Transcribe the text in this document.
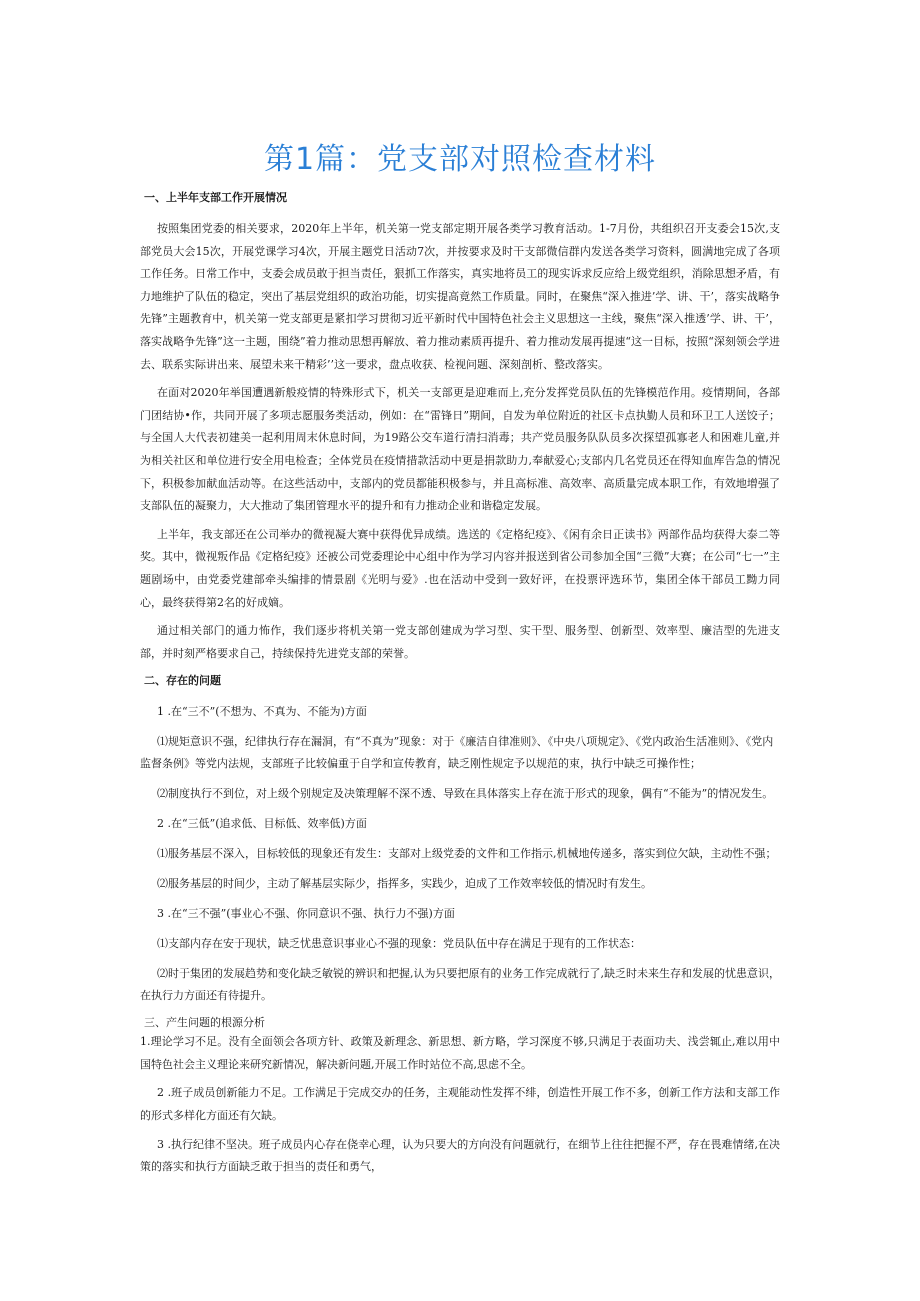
第1篇：党支部对照检查材料
一、上半年支部工作开展情况

按照集团党委的相关要求，2020年上半年，机关第一党支部定期开展各类学习教育活动。1-7月份，共组织召开支委会15次,支部党员大会15次，开展党课学习4次，开展主题党日活动7次，并按要求及时干支部微信群内发送各类学习资料，圆满地完成了各项工作任务。日常工作中，支委会成员敢于担当责任，狠抓工作落实，真实地将员工的现实诉求反应给上级党组织，消除思想矛盾，有力地维护了队伍的稳定，突出了基层党组织的政治功能，切实提高竟然工作质量。同时，在聚焦“深入推进’学、讲、干’，落实战略争先锋”主题教育中，机关第一党支部更是紧扣学习贯彻习近平新时代中国特色社会主义思想这一主线，聚焦“深入推透’学、讲、干’，落实战略争先锋”这一主题，围绕”着力推动思想再解放、着力推动素质再提升、着力推动发展再提速“这一目标，按照“深刻领会学进去、联系实际讲出来、展望未来干精彩’’这一要求，盘点收获、检视问题、深刻剖析、整改落实。

在面对2020年举国遭遇新般疫情的特殊形式下，机关一支部更是迎难而上,充分发挥党员队伍的先锋模范作用。疫情期间，各部门团结协•作，共同开展了多项志愿服务类活动，例如：在“雷锋日”期间，自发为单位附近的社区卡点执勤人员和环卫工人送饺子；与全国人大代表初建美一起利用周末休息时间，为19路公交车道行清扫消毒；共产党员服务队队员多次探望孤寡老人和困难儿童,并为相关社区和单位进行安全用电检查；全体党员在疫情措款活动中更是捐款助力,奉献爱心;支部内几名党员还在得知血库告急的情况下，积极参加献血活动等。在这些活动中，支部内的党员都能积极参与，并且高标准、高效率、高质量完成本职工作，有效地增强了支部队伍的凝聚力，大大推动了集团管理水平的提升和有力推动企业和谐稳定发展。

上半年，我支部还在公司举办的微视凝大赛中获得优异成绩。选送的《定格纪疫》、《闲有余日正读书》两部作品均获得大泰二等奖。其中，微视叛作品《定格纪疫》还被公司党委理论中心组中作为学习内容并报送到省公司参加全国“三微”大赛；在公司“七一”主题剧场中，由党委党建部牵头编排的情景剧《光明与爱》.也在活动中受到一致好评，在投票评选环节，集团全体干部员工黝力同心，最终获得第2名的好成嫡。

通过相关部门的通力怖作，我们逐步将机关第一党支部创建成为学习型、实干型、服务型、创新型、效率型、廉洁型的先进支部，并时刻严格要求自己，持续保持先进党支部的荣誉。

二、存在的问题

1 .在“三不”(不想为、不真为、不能为)方面

⑴规矩意识不强，纪律执行存在漏洞，有“不真为”现象：对于《廉洁自律准则》、《中央八项规定》、《党内政治生活准则》、《党内监督条例》等党内法规，支部班子比较偏重于自学和宣传教育，缺乏刚性规定予以规范的束，执行中缺乏可操作性；

⑵制度执行不到位，对上级个别规定及决策理解不深不透、导致在具体落实上存在流于形式的现象，偶有“不能为”的情况发生。

2 .在“三低”(追求低、目标低、效率低)方面

⑴服务基层不深入，目标较低的现象还有发生：支部对上级党委的文件和工作指示,机械地传递多，落实到位欠缺，主动性不强；

⑵服务基层的时间少，主动了解基层实际少，指挥多，实践少，迫成了工作效率较低的情况时有发生。

3 .在“三不强”(事业心不强、你同意识不强、执行力不强)方面

⑴支部内存在安于现状，缺乏忧患意识事业心不强的现象：党员队伍中存在满足于现有的工作状态：

⑵时于集团的发展趋势和变化缺乏敏锐的辨识和把握,认为只要把原有的业务工作完成就行了,缺乏时未来生存和发展的忧患意识，在执行力方面还有待提升。

三、产生问题的根源分析

1.理论学习不足。没有全面领会各项方针、政策及新理念、新思想、新方略，学习深度不够,只满足于表面功夫、浅尝辄止,难以用中国特色社会主义理论来研究新情况，解决新问题,开展工作时站位不高,思虑不全。

2 .班子成员创新能力不足。工作满足于完成交办的任务，主观能动性发挥不绯，创造性开展工作不多，创新工作方法和支部工作的形式多样化方面还有欠缺。

3 .执行纪律不坚决。班子成员内心存在侥幸心理，认为只要大的方向没有问题就行，在细节上往往把握不严，存在畏难情绪,在决策的落实和执行方面缺乏敢于担当的责任和勇气，
